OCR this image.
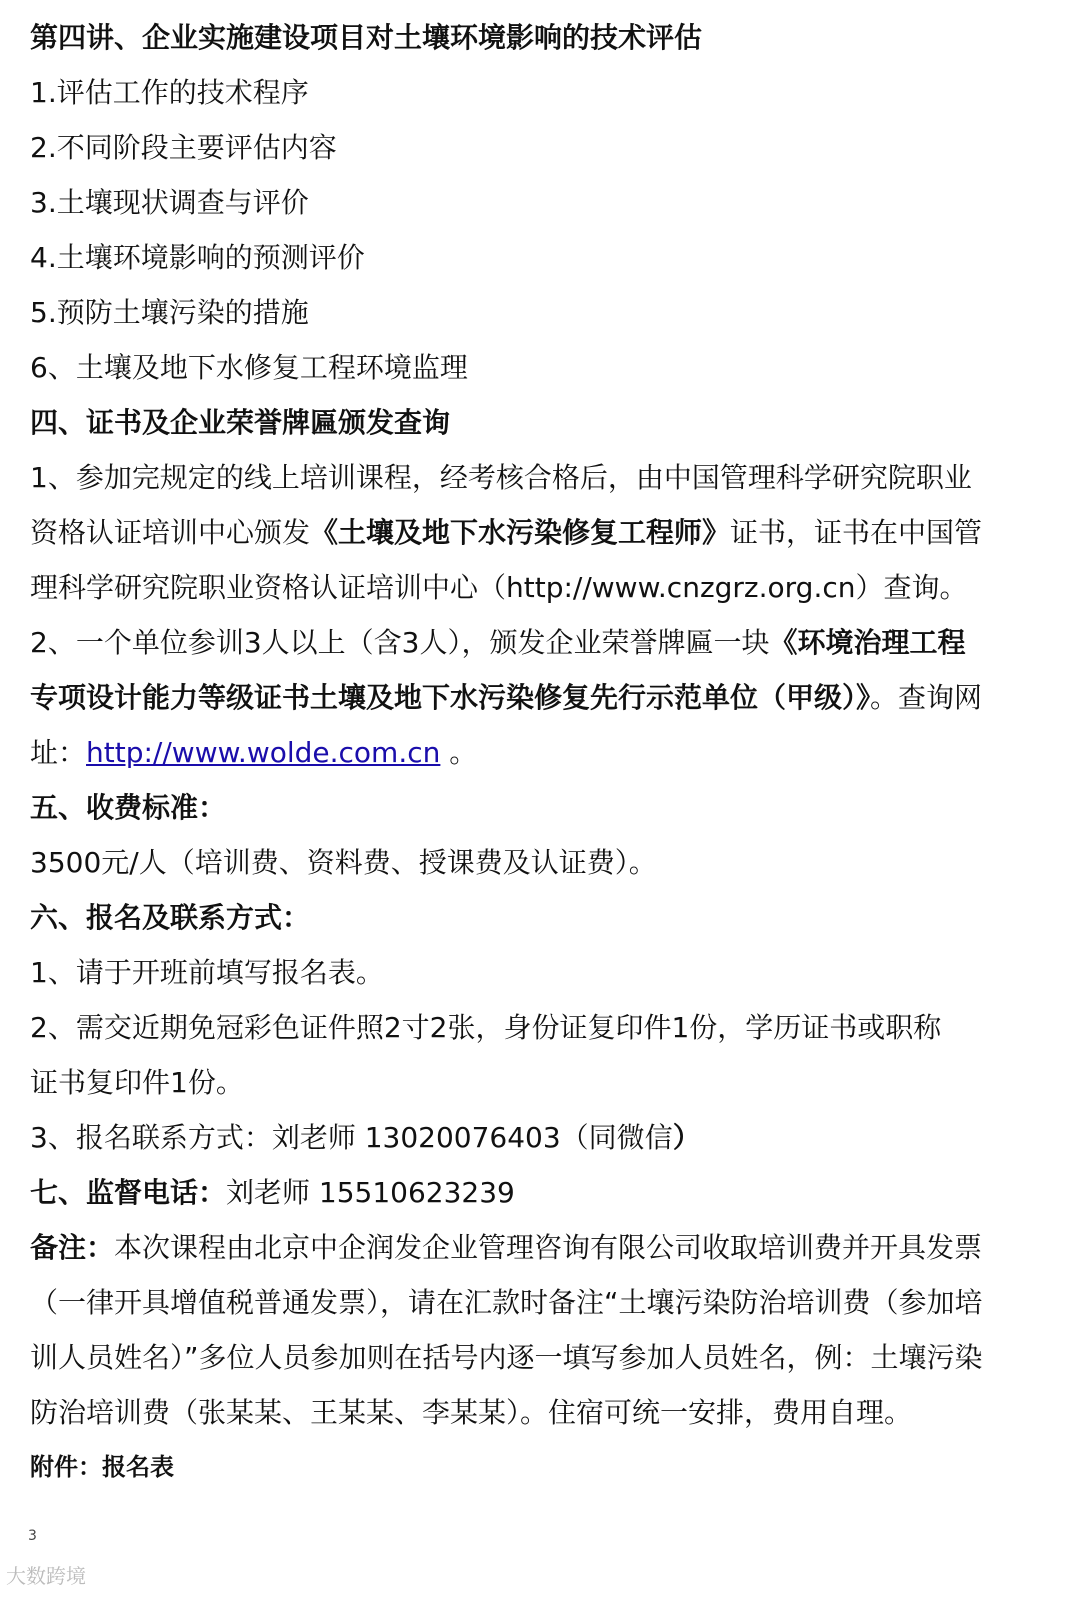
第四讲、企业实施建设项目对土壤环境影响的技术评估
1.评估工作的技术程序
2.不同阶段主要评估内容
3.土壤现状调查与评价
4.土壤环境影响的预测评价
5.预防土壤污染的措施
6、土壤及地下水修复工程环境监理
四、证书及企业荣誉牌匾颁发查询
1、参加完规定的线上培训课程，经考核合格后，由中国管理科学研究院职业
资格认证培训中心颁发《土壤及地下水污染修复工程师》证书，证书在中国管
理科学研究院职业资格认证培训中心（http://www.cnzgrz.org.cn）查询。
2、一个单位参训3人以上（含3人），颁发企业荣誉牌匾一块《环境治理工程
专项设计能力等级证书土壤及地下水污染修复先行示范单位（甲级）》。查询网
址：http://www.wolde.com.cn 。
五、收费标准：
3500元/人（培训费、资料费、授课费及认证费）。
六、报名及联系方式：
1、请于开班前填写报名表。
2、需交近期免冠彩色证件照2寸2张，身份证复印件1份，学历证书或职称
证书复印件1份。
3、报名联系方式：刘老师 13020076403（同微信）
七、监督电话：刘老师 15510623239
备注：本次课程由北京中企润发企业管理咨询有限公司收取培训费并开具发票
（一律开具增值税普通发票），请在汇款时备注“土壤污染防治培训费（参加培
训人员姓名）”多位人员参加则在括号内逐一填写参加人员姓名，例：土壤污染
防治培训费（张某某、王某某、李某某）。住宿可统一安排，费用自理。
附件：报名表
3
大数跨境
